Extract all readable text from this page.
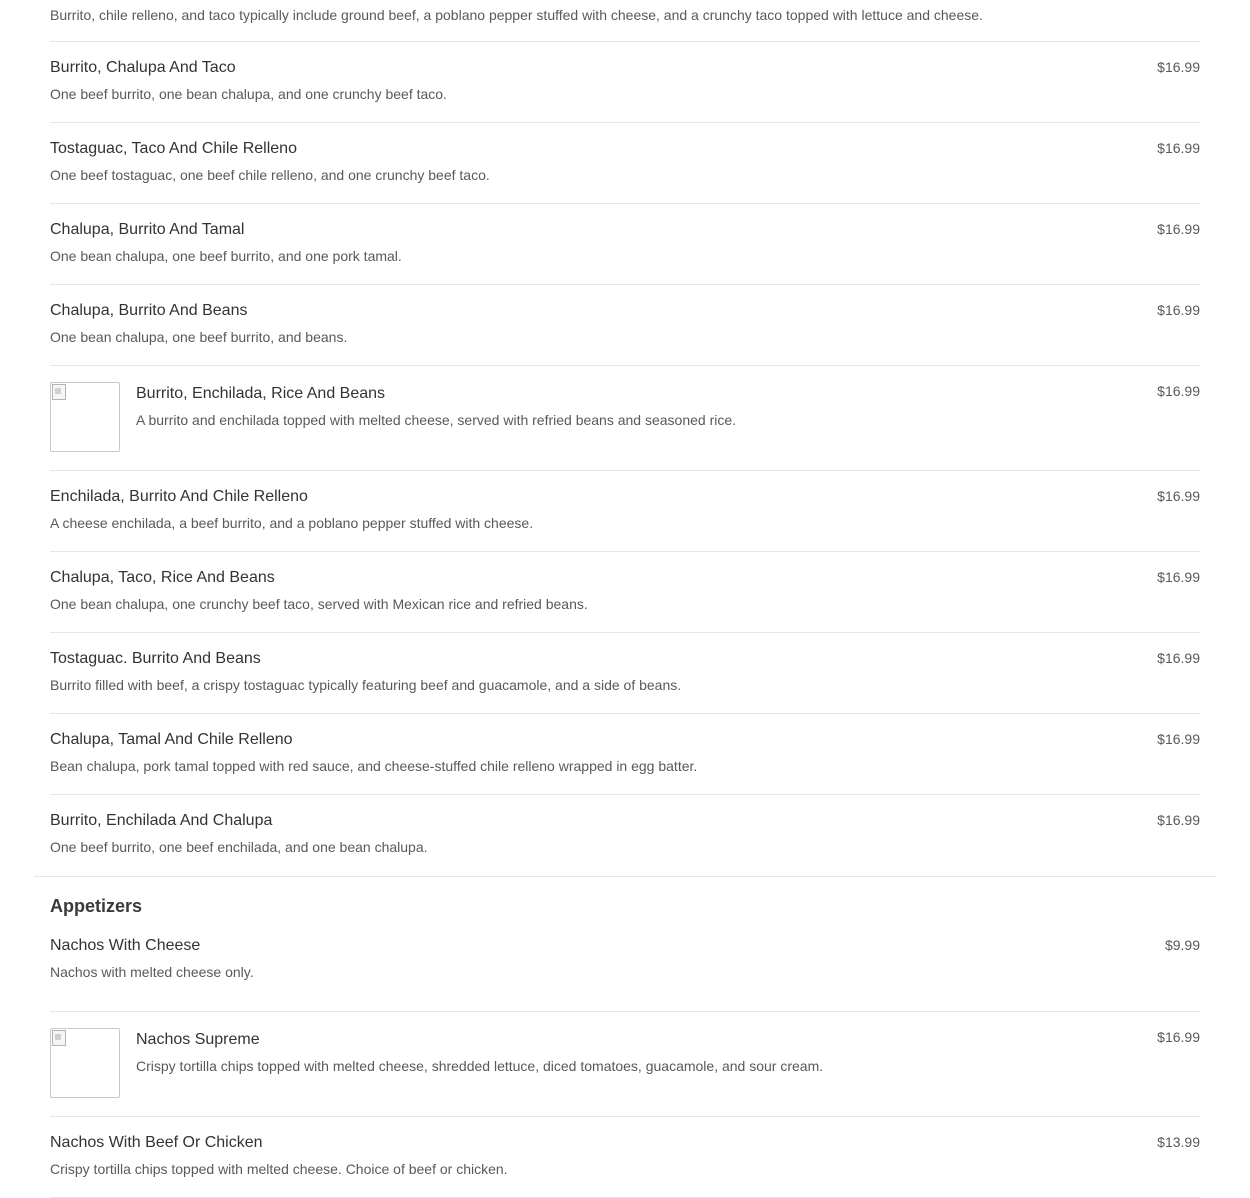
Burrito, chile relleno, and taco typically include ground beef, a poblano pepper stuffed with cheese, and a crunchy taco topped with lettuce and cheese.
Burrito, Chalupa And Taco
One beef burrito, one bean chalupa, and one crunchy beef taco.
$16.99
Tostaguac, Taco And Chile Relleno
One beef tostaguac, one beef chile relleno, and one crunchy beef taco.
$16.99
Chalupa, Burrito And Tamal
One bean chalupa, one beef burrito, and one pork tamal.
$16.99
Chalupa, Burrito And Beans
One bean chalupa, one beef burrito, and beans.
$16.99
Burrito, Enchilada, Rice And Beans
A burrito and enchilada topped with melted cheese, served with refried beans and seasoned rice.
$16.99
Enchilada, Burrito And Chile Relleno
A cheese enchilada, a beef burrito, and a poblano pepper stuffed with cheese.
$16.99
Chalupa, Taco, Rice And Beans
One bean chalupa, one crunchy beef taco, served with Mexican rice and refried beans.
$16.99
Tostaguac. Burrito And Beans
Burrito filled with beef, a crispy tostaguac typically featuring beef and guacamole, and a side of beans.
$16.99
Chalupa, Tamal And Chile Relleno
Bean chalupa, pork tamal topped with red sauce, and cheese-stuffed chile relleno wrapped in egg batter.
$16.99
Burrito, Enchilada And Chalupa
One beef burrito, one beef enchilada, and one bean chalupa.
$16.99
Appetizers
Nachos With Cheese
Nachos with melted cheese only.
$9.99
Nachos Supreme
Crispy tortilla chips topped with melted cheese, shredded lettuce, diced tomatoes, guacamole, and sour cream.
$16.99
Nachos With Beef Or Chicken
Crispy tortilla chips topped with melted cheese. Choice of beef or chicken.
$13.99
